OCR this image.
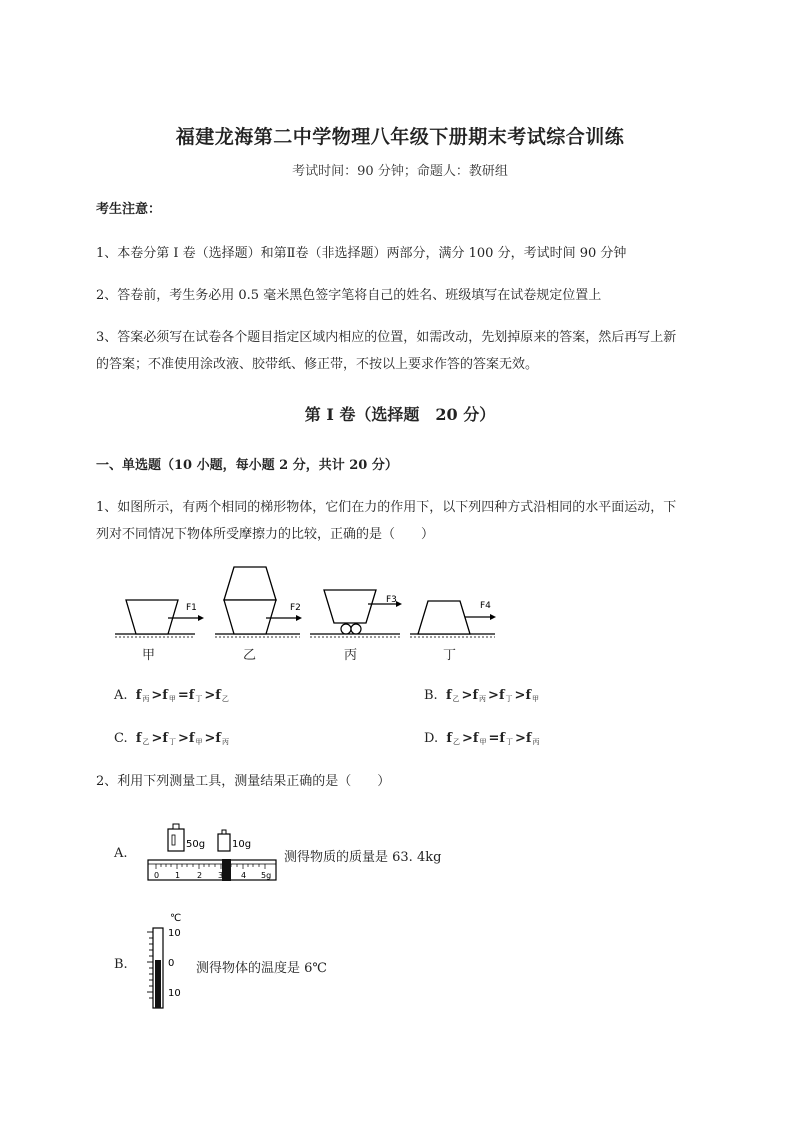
福建龙海第二中学物理八年级下册期末考试综合训练
考试时间：90 分钟；命题人：教研组
考生注意：
1、本卷分第 I 卷（选择题）和第Ⅱ卷（非选择题）两部分，满分 100 分，考试时间 90 分钟
2、答卷前，考生务必用 0.5 毫米黑色签字笔将自己的姓名、班级填写在试卷规定位置上
3、答案必须写在试卷各个题目指定区域内相应的位置，如需改动，先划掉原来的答案，然后再写上新
的答案；不准使用涂改液、胶带纸、修正带，不按以上要求作答的答案无效。
第 I 卷（选择题　20 分）
一、单选题（10 小题，每小题 2 分，共计 20 分）
1、如图所示，有两个相同的梯形物体，它们在力的作用下，以下列四种方式沿相同的水平面运动，下
列对不同情况下物体所受摩擦力的比较，正确的是（　　）
F1	F2
F3
F4
甲	乙	丙	丁
A. $f_丙 >f_甲 =f_丁 >f_乙$	B. $f_乙 >f_丙 >f_丁 >f_甲$
C. $f_乙 >f_丁 >f_甲 >f_丙$	D. $f_乙 >f_甲 =f_丁 >f_丙$
2、利用下列测量工具，测量结果正确的是（　　）
A.
50g	10g
0 1 2 3 4 5g
测得物质的质量是 63. 4kg
B.
℃
10
0
10
测得物体的温度是 6℃
